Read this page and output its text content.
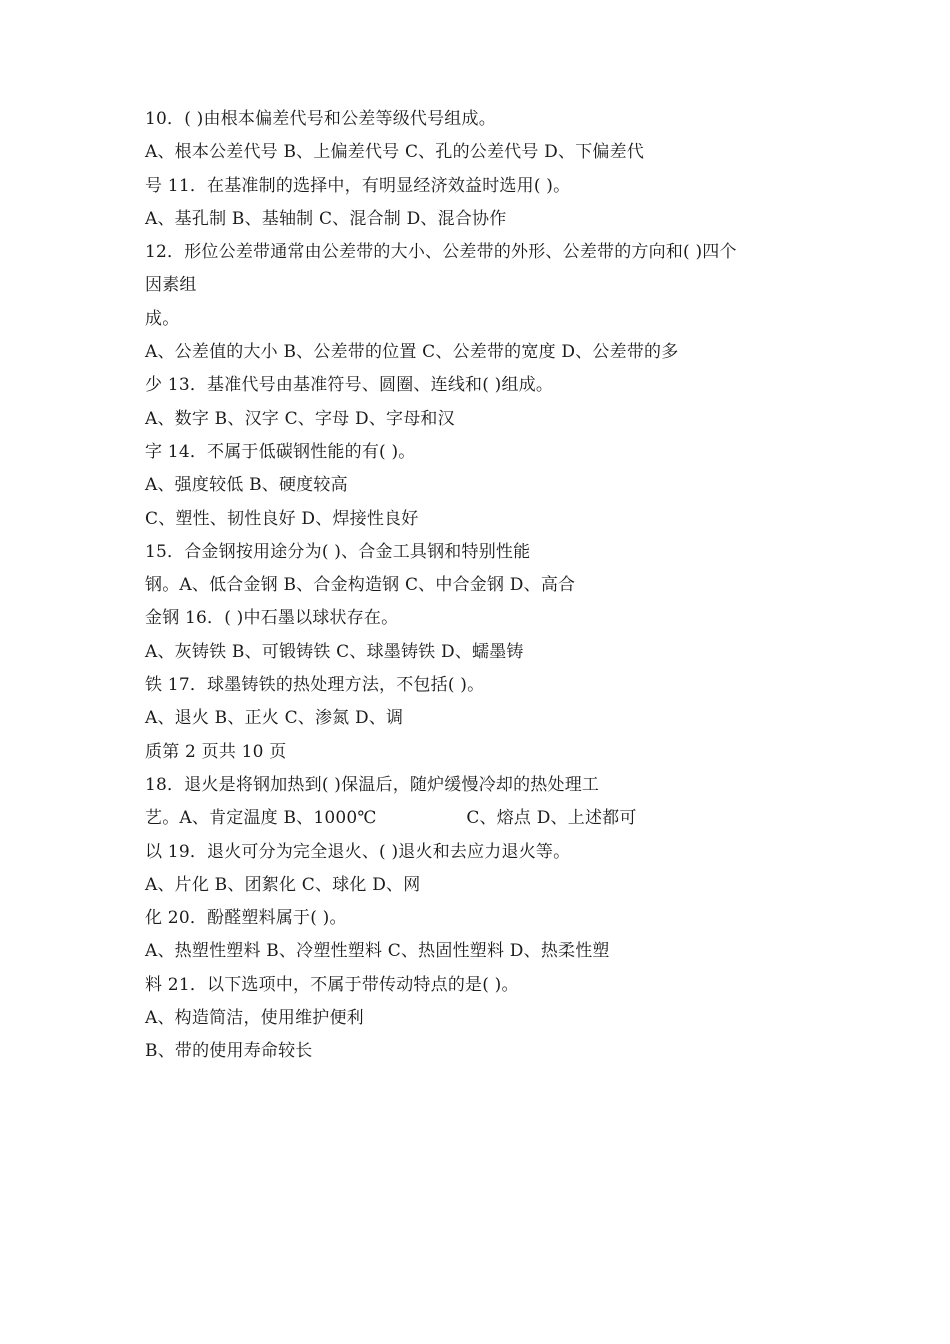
10．( )由根本偏差代号和公差等级代号组成。
A、根本公差代号 B、上偏差代号 C、孔的公差代号 D、下偏差代
号 11．在基准制的选择中，有明显经济效益时选用( )。
A、基孔制 B、基轴制 C、混合制 D、混合协作
12．形位公差带通常由公差带的大小、公差带的外形、公差带的方向和( )四个
因素组
成。
A、公差值的大小 B、公差带的位置 C、公差带的宽度 D、公差带的多
少 13．基准代号由基准符号、圆圈、连线和( )组成。
A、数字 B、汉字 C、字母 D、字母和汉
字 14．不属于低碳钢性能的有( )。
A、强度较低 B、硬度较高
C、塑性、韧性良好 D、焊接性良好
15．合金钢按用途分为( )、合金工具钢和特别性能
钢。A、低合金钢 B、合金构造钢 C、中合金钢 D、高合
金钢 16．( )中石墨以球状存在。
A、灰铸铁 B、可锻铸铁 C、球墨铸铁 D、蠕墨铸
铁 17．球墨铸铁的热处理方法，不包括( )。
A、退火 B、正火 C、渗氮 D、调
质第 2 页共 10 页
18．退火是将钢加热到( )保温后，随炉缓慢冷却的热处理工
艺。A、肯定温度 B、1000℃                C、熔点 D、上述都可
以 19．退火可分为完全退火、( )退火和去应力退火等。
A、片化 B、团絮化 C、球化 D、网
化 20．酚醛塑料属于( )。
A、热塑性塑料 B、冷塑性塑料 C、热固性塑料 D、热柔性塑
料 21．以下选项中，不属于带传动特点的是( )。
A、构造简洁，使用维护便利
B、带的使用寿命较长
